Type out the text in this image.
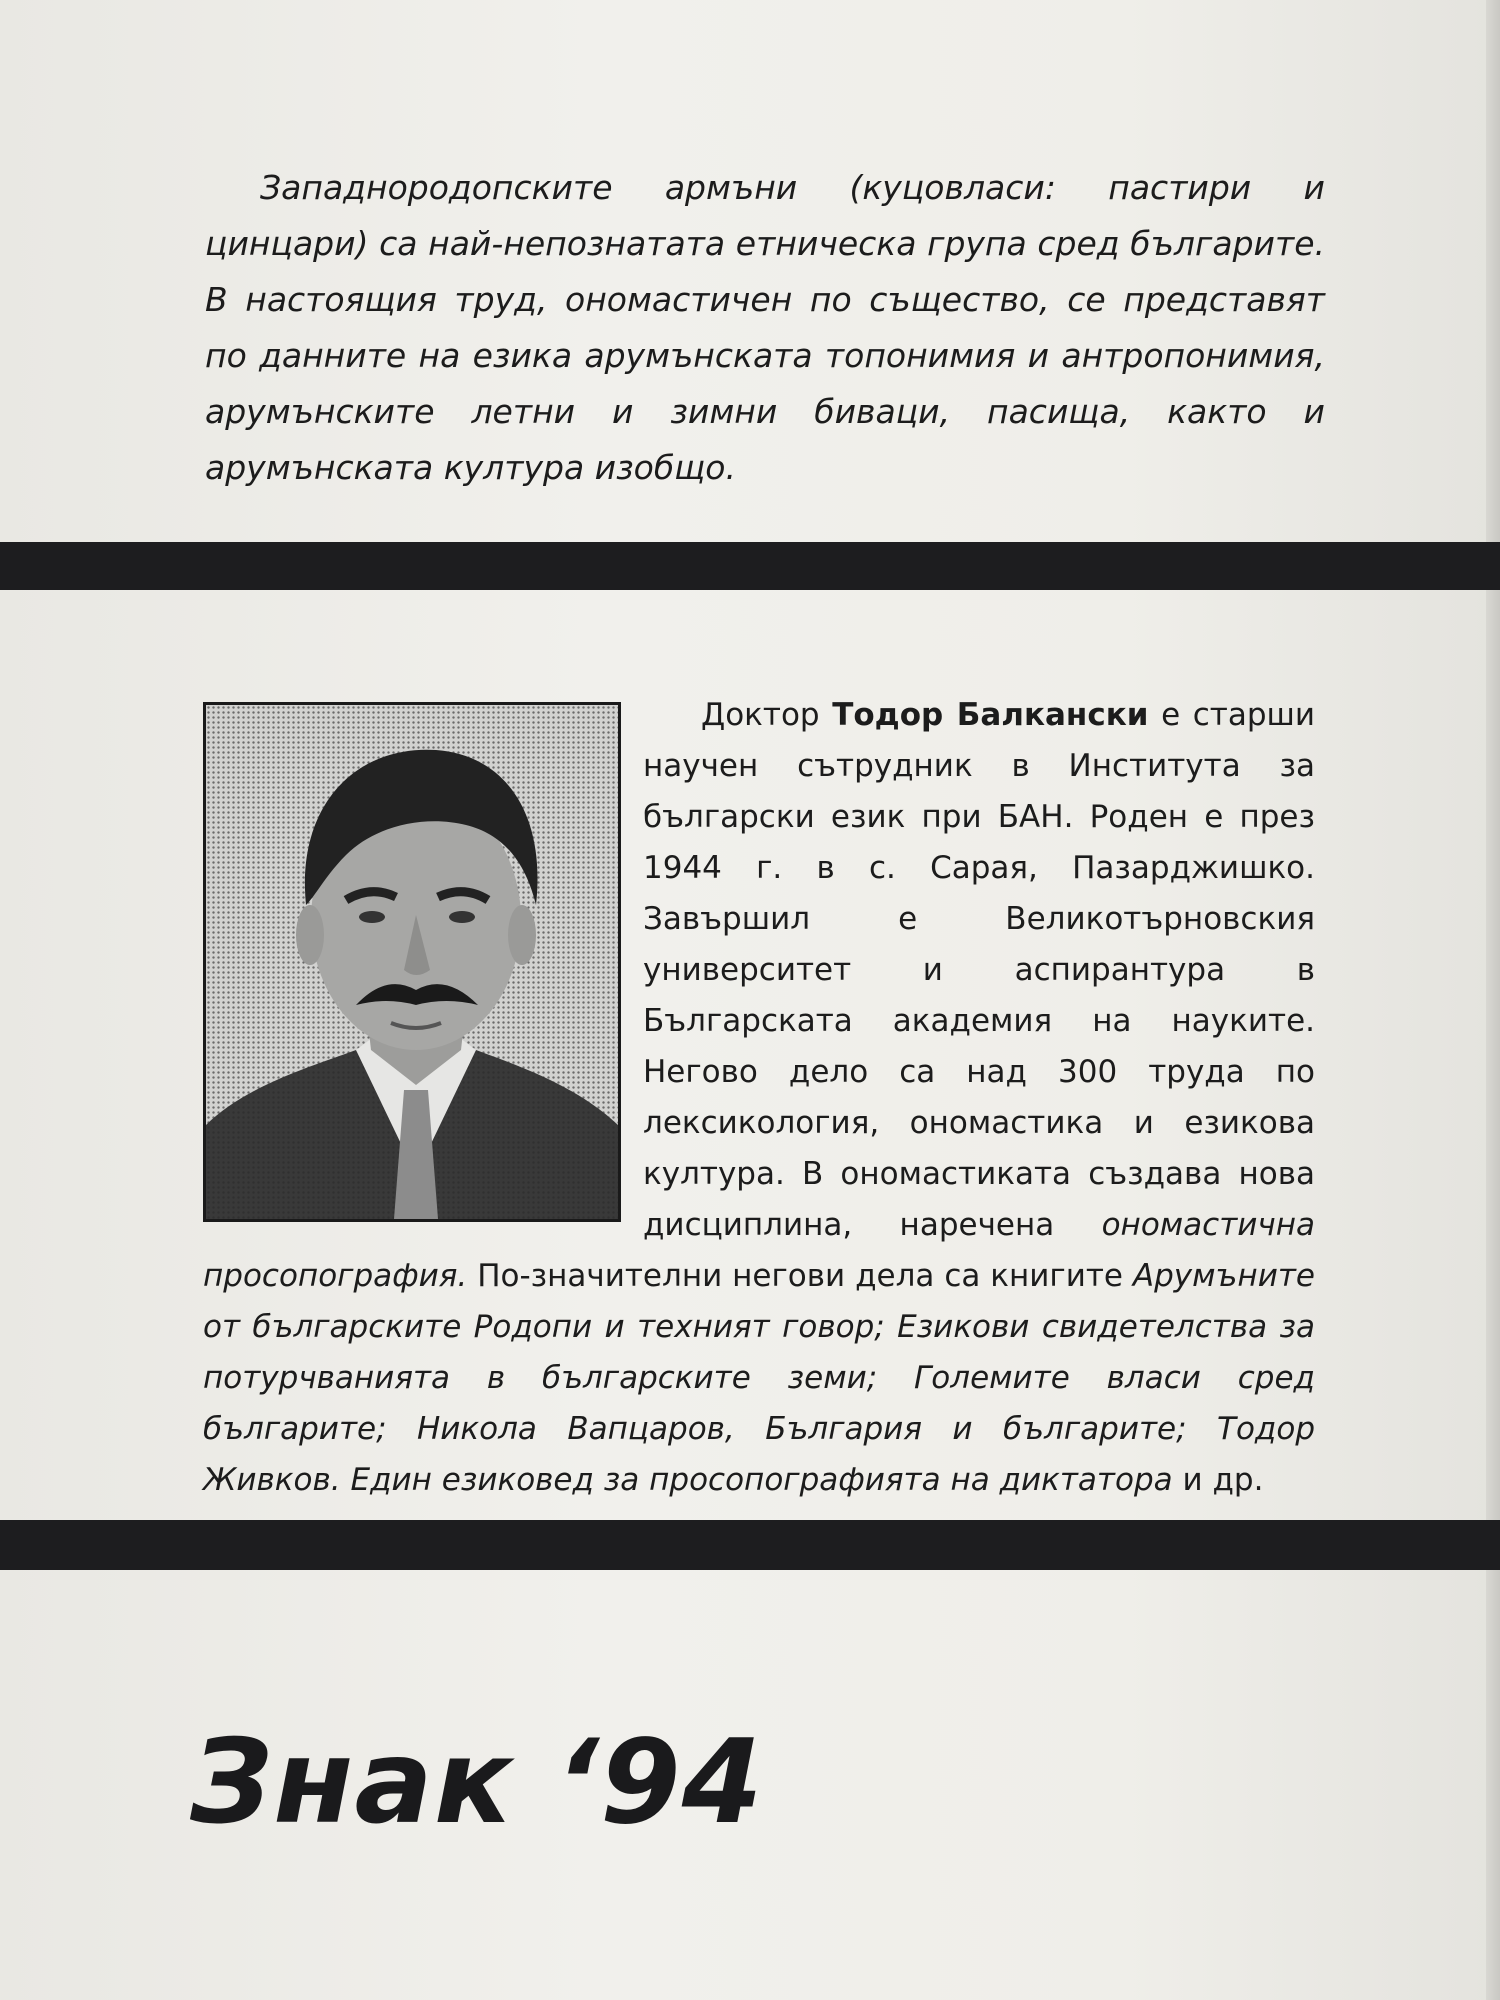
Западнородопските армъни (куцовласи: пастири и цинцари) са най-непознатата етническа група сред българите. В настоящия труд, ономастичен по същество, се представят по данните на езика арумънската топонимия и антропонимия, арумънските летни и зимни биваци, пасища, както и арумънската култура изобщо.

Доктор Тодор Балкански е старши научен сътрудник в Института за български език при БАН. Роден е през 1944 г. в с. Сарая, Пазарджишко. Завършил е Великотърновския университет и аспирантура в Българската академия на науките. Негово дело са над 300 труда по лексикология, ономастика и езикова култура. В ономастиката създава нова дисциплина, наречена ономастична просопография. По-значителни негови дела са книгите Арумъните от българските Родопи и техният говор; Езикови свидетелства за потурчванията в българските земи; Големите власи сред българите; Никола Вапцаров, България и българите; Тодор Живков. Един езиковед за просопографията на диктатора и др.

Знак ‘94
